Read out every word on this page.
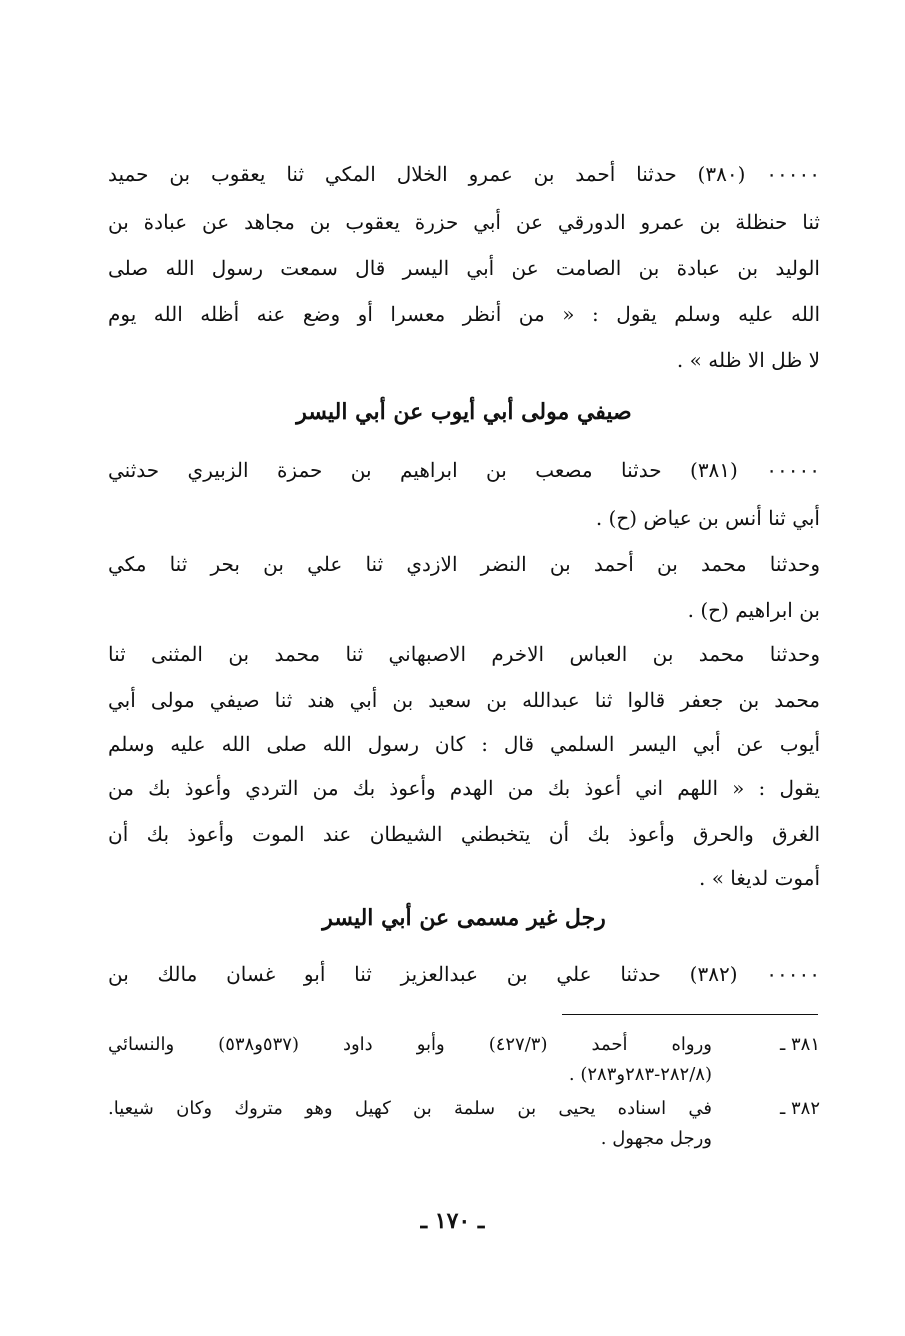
٠٠٠٠٠ (٣٨٠) حدثنا أحمد بن عمرو الخلال المكي ثنا يعقوب بن حميد
ثنا حنظلة بن عمرو الدورقي عن أبي حزرة يعقوب بن مجاهد عن عبادة بن
الوليد بن عبادة بن الصامت عن أبي اليسر قال سمعت رسول الله صلى
الله عليه وسلم يقول : « من أنظر معسرا أو وضع عنه أظله الله يوم
لا ظل الا ظله » .
٠٠٠٠٠ (٣٨١) حدثنا مصعب بن ابراهيم بن حمزة الزبيري حدثني
أبي ثنا أنس بن عياض (ح) .
وحدثنا محمد بن أحمد بن النضر الازدي ثنا علي بن بحر ثنا مكي
بن ابراهيم (ح) .
وحدثنا محمد بن العباس الاخرم الاصبهاني ثنا محمد بن المثنى ثنا
محمد بن جعفر قالوا ثنا عبدالله بن سعيد بن أبي هند ثنا صيفي مولى أبي
أيوب عن أبي اليسر السلمي قال : كان رسول الله صلى الله عليه وسلم
يقول : « اللهم اني أعوذ بك من الهدم وأعوذ بك من التردي وأعوذ بك من
الغرق والحرق وأعوذ بك أن يتخبطني الشيطان عند الموت وأعوذ بك أن
أموت لديغا » .
٠٠٠٠٠ (٣٨٢) حدثنا علي بن عبدالعزيز ثنا أبو غسان مالك بن
صيفي مولى أبي أيوب عن أبي اليسر
رجل غير مسمى عن أبي اليسر
٣٨١ ـ
ورواه أحمد (٤٢٧/٣) وأبو داود (٥٣٧و٥٣٨) والنسائي
(٢٨٢/٨-٢٨٣و٢٨٣) .
٣٨٢ ـ
في اسناده يحيى بن سلمة بن كهيل وهو متروك وكان شيعيا.
ورجل مجهول .
ـ ١٧٠ ـ
